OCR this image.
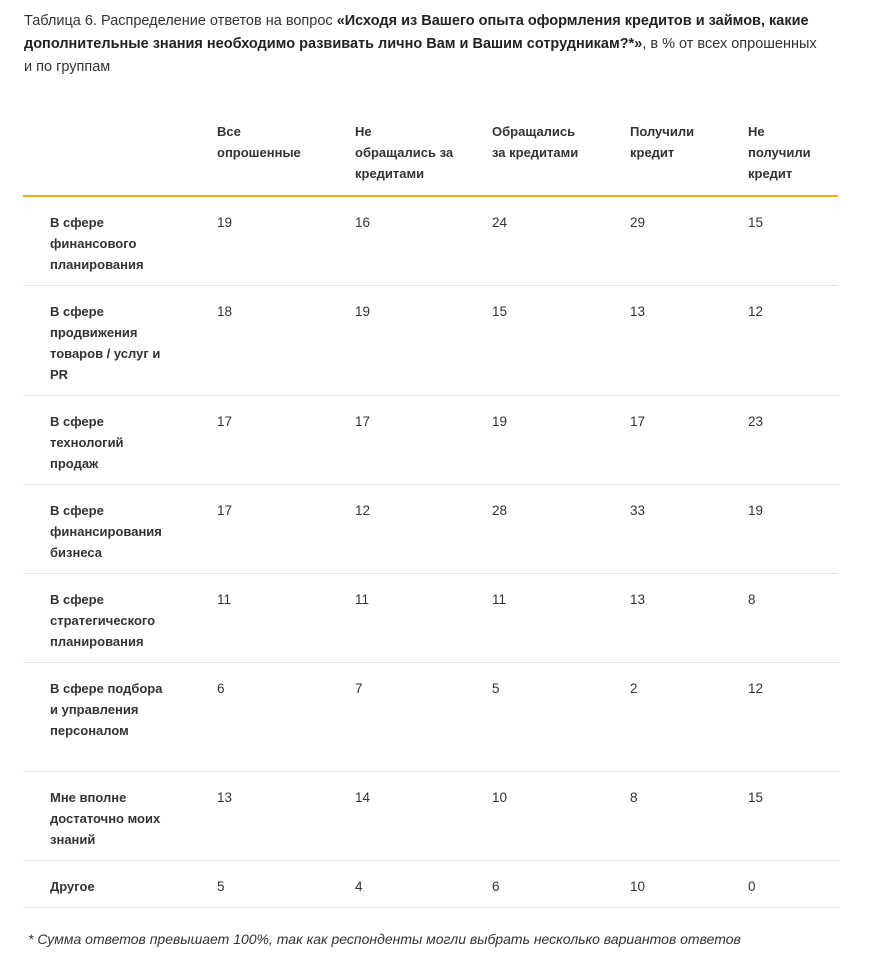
Таблица 6. Распределение ответов на вопрос «Исходя из Вашего опыта оформления кредитов и займов, какие дополнительные знания необходимо развивать лично Вам и Вашим сотрудникам?*», в % от всех опрошенных и по группам
	Все опрошенные	Не обращались за кредитами	Обращались за кредитами	Получили кредит	Не получили кредит
В сфере финансового планирования	19	16	24	29	15
В сфере продвижения товаров / услуг и PR	18	19	15	13	12
В сфере технологий продаж	17	17	19	17	23
В сфере финансирования бизнеса	17	12	28	33	19
В сфере стратегического планирования	11	11	11	13	8
В сфере подбора и управления персоналом	6	7	5	2	12
Мне вполне достаточно моих знаний	13	14	10	8	15
Другое	5	4	6	10	0
* Сумма ответов превышает 100%, так как респонденты могли выбрать несколько вариантов ответов
